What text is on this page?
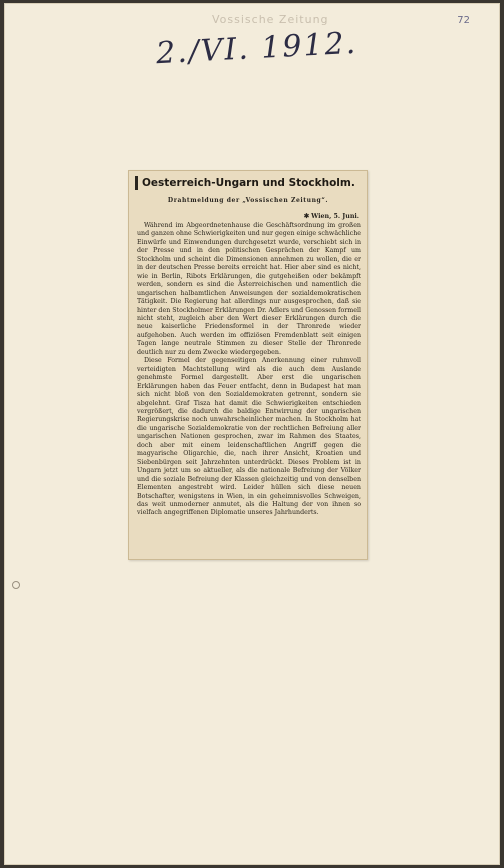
Vossische Zeitung	72
2./VI. 1912.
Oesterreich-Ungarn und Stockholm.
Drahtmeldung der „Vossischen Zeitung“.
✱ Wien, 5. Juni.

Während im Abgeordnetenhause die Geschäftsordnung im großen und ganzen ohne Schwierigkeiten und nur gegen einige schwächliche Einwürfe und Einwendungen durchgesetzt wurde, verschiebt sich in der Presse und in den politischen Gesprächen der Kampf um Stockholm und scheint die Dimensionen annehmen zu wollen, die er in der deutschen Presse bereits erreicht hat. Hier aber sind es nicht, wie in Berlin, Ribots Erklärungen, die gutgeheißen oder bekämpft werden, sondern es sind die Ästerreichischen und namentlich die ungarischen halbamtlichen Anweisungen der sozialdemokratischen Tätigkeit. Die Regierung hat allerdings nur ausgesprochen, daß sie hinter den Stockholmer Erklärungen Dr. Adlers und Genossen formell nicht steht, zugleich aber den Wert dieser Erklärungen durch die neue kaiserliche Friedensformel in der Thronrede wieder aufgehoben. Auch werden im offiziösen Fremdenblatt seit einigen Tagen lange neutrale Stimmen zu dieser Stelle der Thronrede deutlich nur zu dem Zwecke wiedergegeben.

Diese Formel der gegenseitigen Anerkennung einer ruhmvoll verteidigten Machtstellung wird als die auch dem Auslande genehmste Formel dargestellt. Aber erst die ungarischen Erklärungen haben das Feuer entfacht, denn in Budapest hat man sich nicht bloß von den Sozialdemokraten getrennt, sondern sie abgelehnt. Graf Tisza hat damit die Schwierigkeiten entschieden vergrößert, die dadurch die baldige Entwirrung der ungarischen Regierungskrise noch unwahrscheinlicher machen. In Stockholm hat die ungarische Sozialdemokratie von der rechtlichen Befreiung aller ungarischen Nationen gesprochen, zwar im Rahmen des Staates, doch aber mit einem leidenschaftlichen Angriff gegen die magyarische Oligarchie, die, nach ihrer Ansicht, Kroatien und Siebenbürgen seit Jahrzehnten unterdrückt. Dieses Problem ist in Ungarn jetzt um so aktueller, als die nationale Befreiung der Völker und die soziale Befreiung der Klassen gleichzeitig und von denselben Elementen angestrebt wird. Leider hüllen sich diese neuen Botschafter, wenigstens in Wien, in ein geheimnisvolles Schweigen, das weit unmoderner anmutet, als die Haltung der von ihnen so vielfach angegriffenen Diplomatie unseres Jahrhunderts.
